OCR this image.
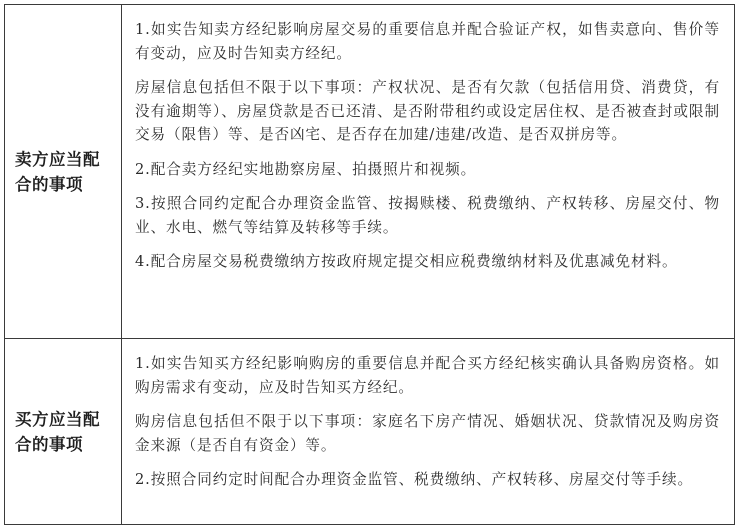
卖方应当配合的事项	1.如实告知卖方经纪影响房屋交易的重要信息并配合验证产权，如售卖意向、售价等有变动，应及时告知卖方经纪。

房屋信息包括但不限于以下事项：产权状况、是否有欠款（包括信用贷、消费贷，有没有逾期等）、房屋贷款是否已还清、是否附带租约或设定居住权、是否被查封或限制交易（限售）等、是否凶宅、是否存在加建/违建/改造、是否双拼房等。

2.配合卖方经纪实地勘察房屋、拍摄照片和视频。

3.按照合同约定配合办理资金监管、按揭赎楼、税费缴纳、产权转移、房屋交付、物业、水电、燃气等结算及转移等手续。

4.配合房屋交易税费缴纳方按政府规定提交相应税费缴纳材料及优惠减免材料。

买方应当配合的事项	1.如实告知买方经纪影响购房的重要信息并配合买方经纪核实确认具备购房资格。如购房需求有变动，应及时告知买方经纪。

购房信息包括但不限于以下事项：家庭名下房产情况、婚姻状况、贷款情况及购房资金来源（是否自有资金）等。

2.按照合同约定时间配合办理资金监管、税费缴纳、产权转移、房屋交付等手续。
